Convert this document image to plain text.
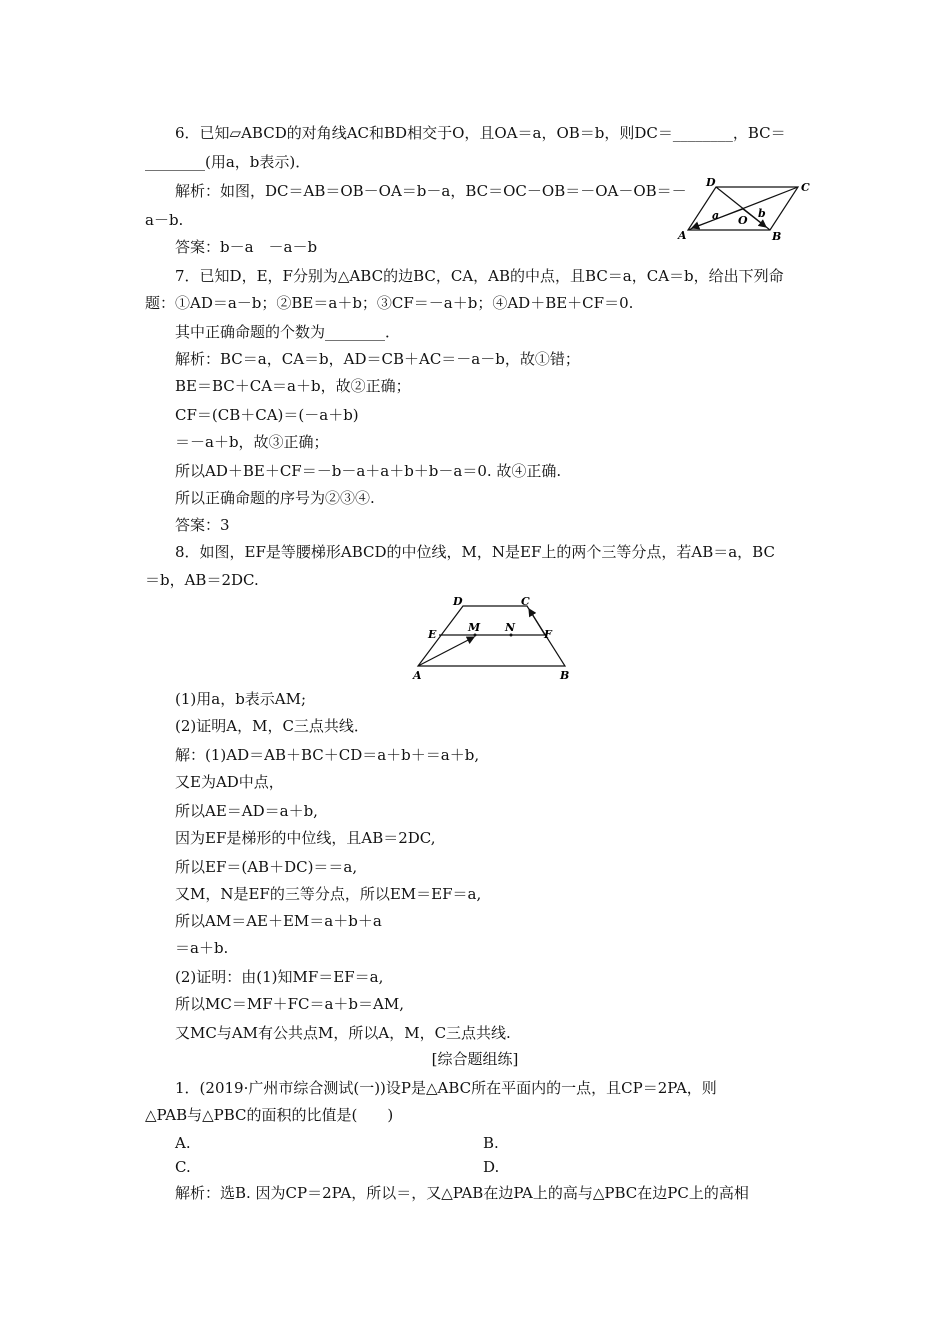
6．已知▱ABCD的对角线AC和BD相交于O，且OA＝a，OB＝b，则DC＝________，BC＝
________(用a，b表示)．
解析：如图，DC＝AB＝OB－OA＝b－a，BC＝OC－OB＝－OA－OB＝－
a－b.
答案：b－a　－a－b
D	C
A	B
O
a	b
7．已知D，E，F分别为△ABC的边BC，CA，AB的中点，且BC＝a，CA＝b，给出下列命
题：①AD＝a－b；②BE＝a＋b；③CF＝－a＋b；④AD＋BE＋CF＝0.
其中正确命题的个数为________．
解析：BC＝a，CA＝b，AD＝CB＋AC＝－a－b，故①错；
BE＝BC＋CA＝a＋b，故②正确；
CF＝(CB＋CA)＝(－a＋b)
＝－a＋b，故③正确；
所以AD＋BE＋CF＝－b－a＋a＋b＋b－a＝0. 故④正确.
所以正确命题的序号为②③④.
答案：3
8．如图，EF是等腰梯形ABCD的中位线，M，N是EF上的两个三等分点，若AB＝a，BC
＝b，AB＝2DC.
D	C
E
M N
F
A	B
(1)用a，b表示AM;
(2)证明A，M，C三点共线．
解：(1)AD＝AB＋BC＋CD＝a＋b＋＝a＋b,
又E为AD中点，
所以AE＝AD＝a＋b,
因为EF是梯形的中位线，且AB＝2DC,
所以EF＝(AB＋DC)＝＝a,
又M，N是EF的三等分点，所以EM＝EF＝a,
所以AM＝AE＋EM＝a＋b＋a
＝a＋b.
(2)证明：由(1)知MF＝EF＝a,
所以MC＝MF＋FC＝a＋b＝AM,
又MC与AM有公共点M，所以A，M，C三点共线.
[综合题组练]
1．(2019·广州市综合测试(一))设P是△ABC所在平面内的一点，且CP＝2PA，则
△PAB与△PBC的面积的比值是(　　)
A.	B.
C.	D.
解析：选B. 因为CP＝2PA，所以＝，又△PAB在边PA上的高与△PBC在边PC上的高相
